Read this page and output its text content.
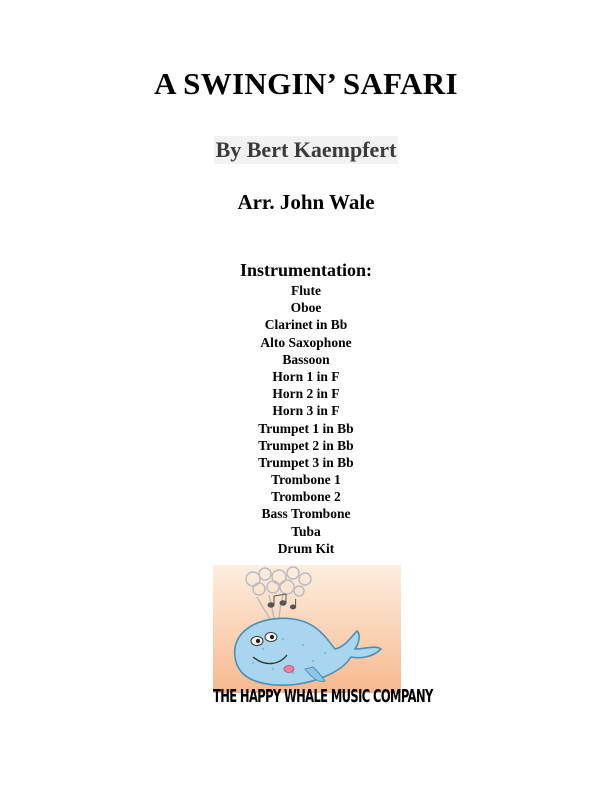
A SWINGIN’ SAFARI
By Bert Kaempfert
Arr. John Wale
Instrumentation:
Flute
Oboe
Clarinet in Bb
Alto Saxophone
Bassoon
Horn 1 in F
Horn 2 in F
Horn 3 in F
Trumpet 1 in Bb
Trumpet 2 in Bb
Trumpet 3 in Bb
Trombone 1
Trombone 2
Bass Trombone
Tuba
Drum Kit
THE HAPPY WHALE MUSIC COMPANY
